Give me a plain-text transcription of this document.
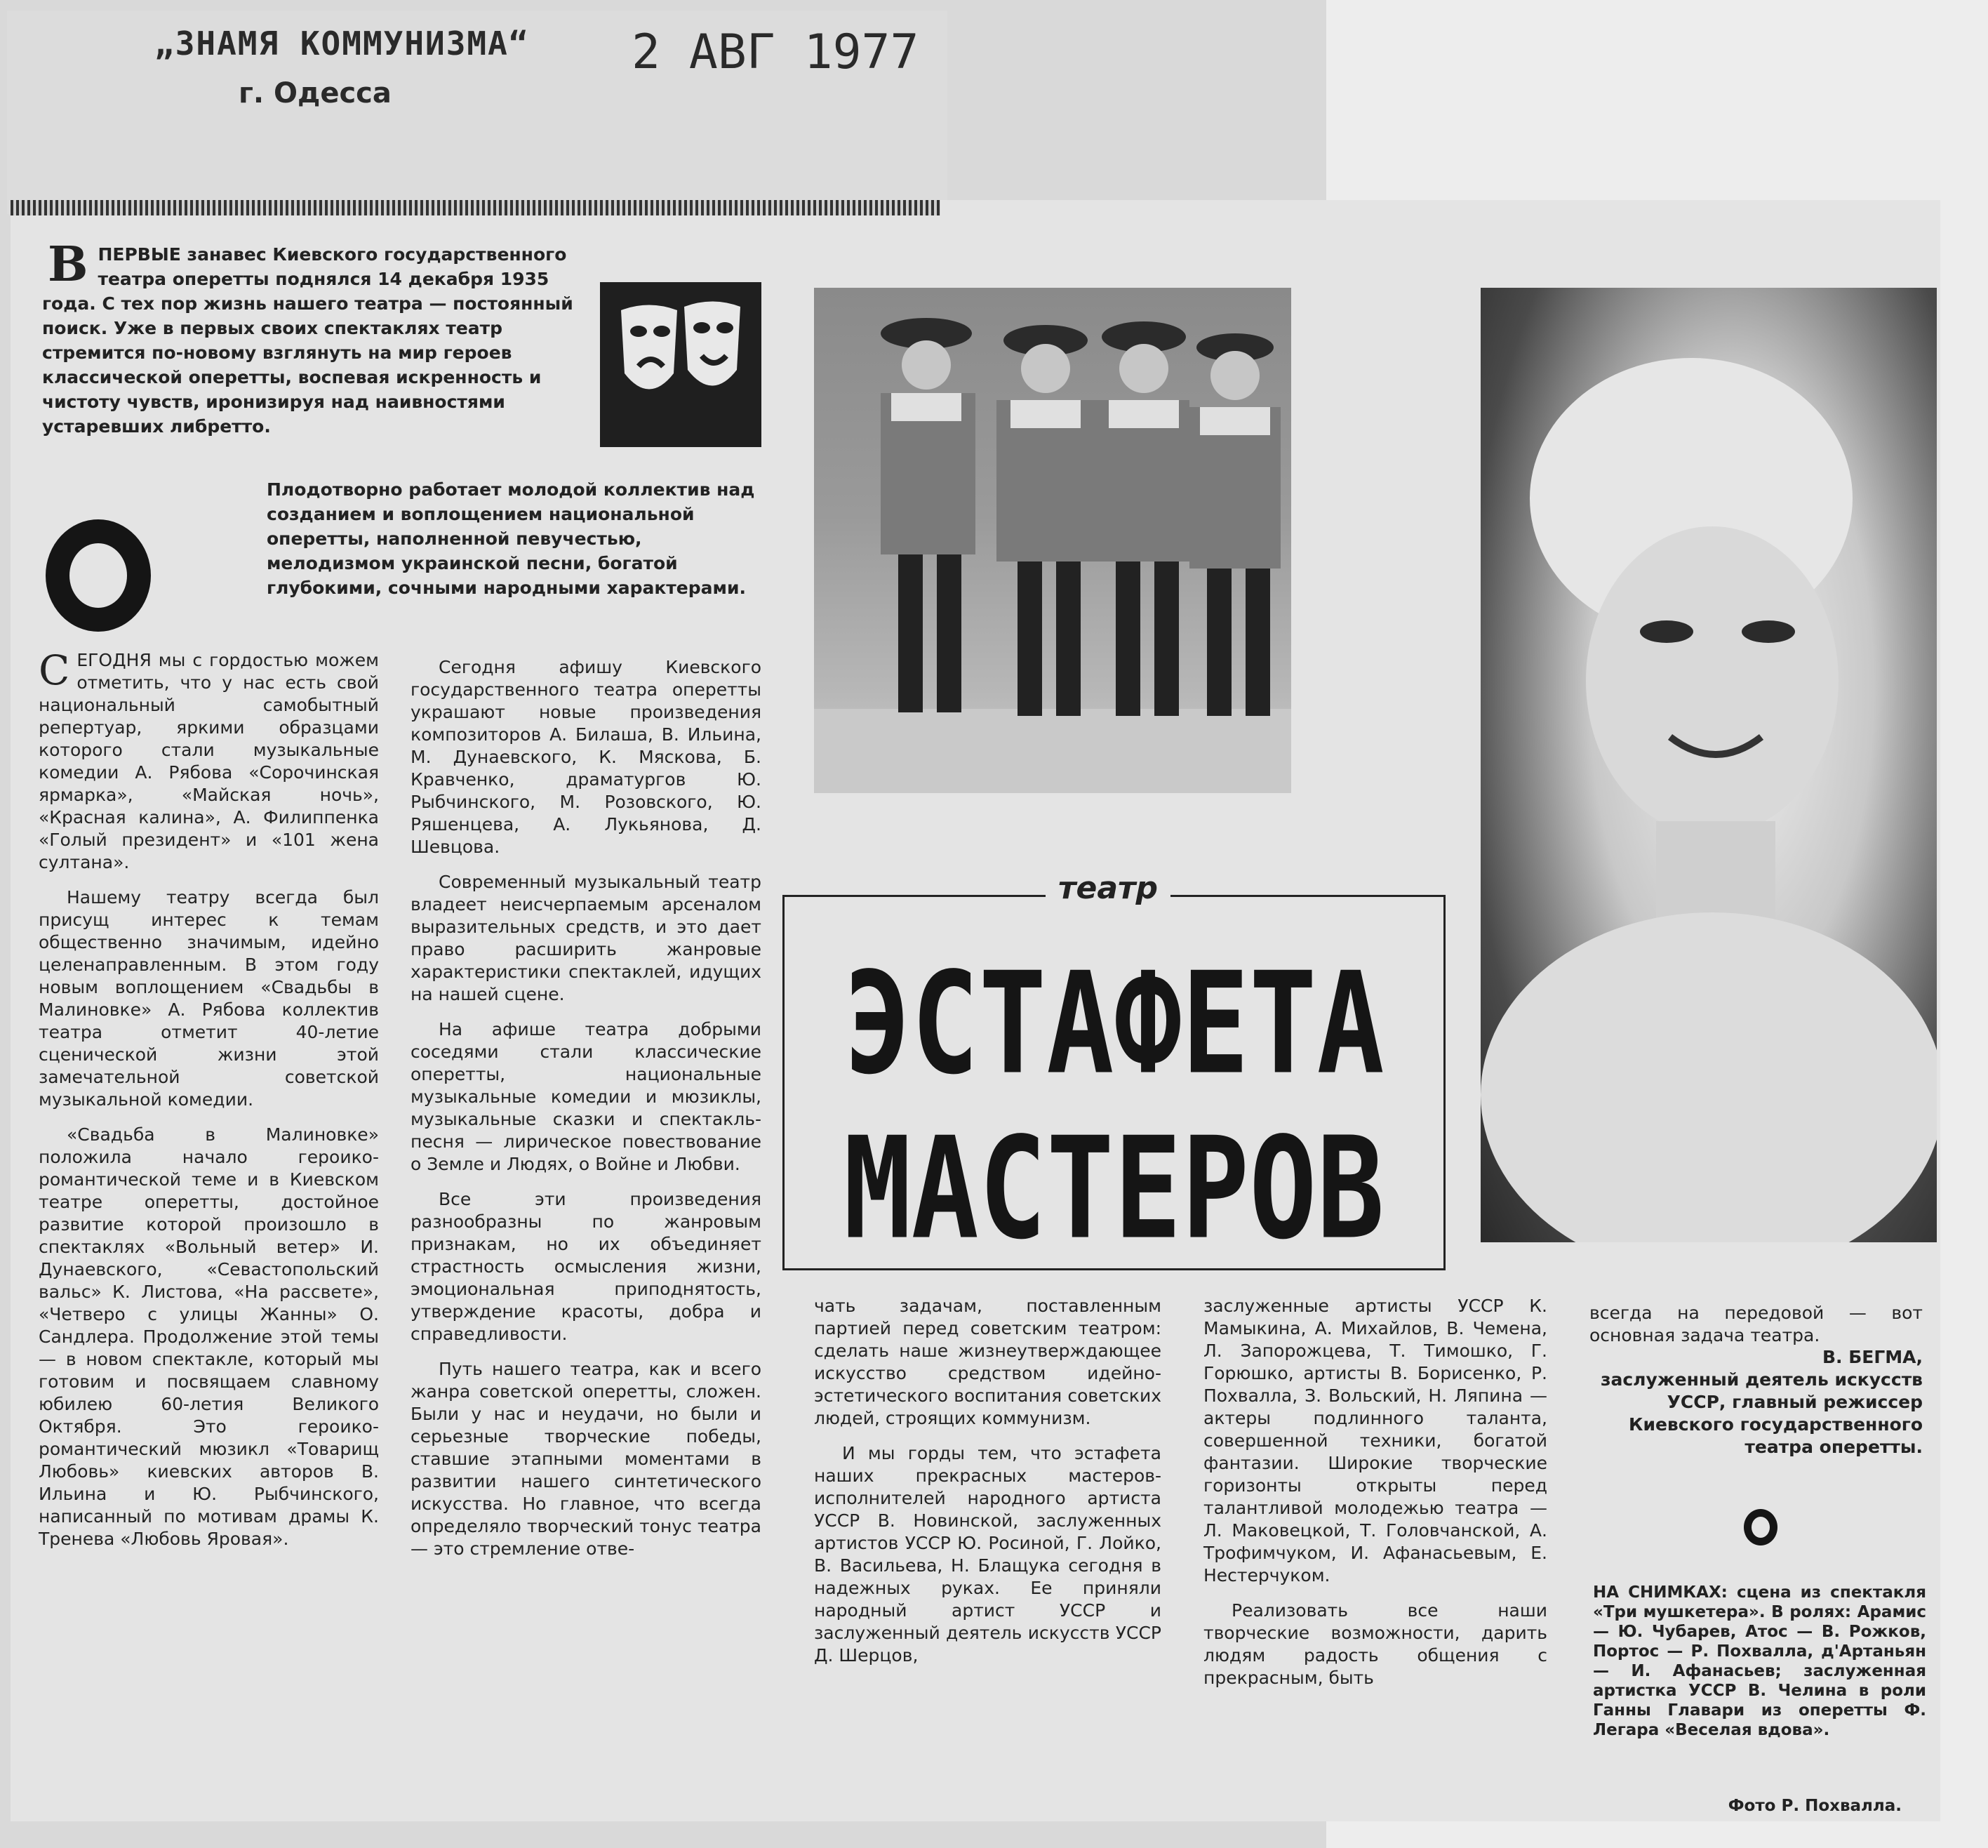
„ЗНАМЯ КОММУНИЗМА“
г. Одесса
2 АВГ 1977
В ПЕРВЫЕ занавес Киевского государственного театра оперетты поднялся 14 декабря 1935 года. С тех пор жизнь нашего театра — постоянный поиск. Уже в первых своих спектаклях театр стремится по-новому взглянуть на мир героев классической оперетты, воспевая искренность и чистоту чувств, иронизируя над наивностями устаревших либретто.
Плодотворно работает молодой коллектив над созданием и воплощением национальной оперетты, наполненной певучестью, мелодизмом украинской песни, богатой глубокими, сочными народными характерами.

СЕГОДНЯ мы с гордостью можем отметить, что у нас есть свой национальный самобытный репертуар, яркими образцами которого стали музыкальные комедии А. Рябова «Сорочинская ярмарка», «Майская ночь», «Красная калина», А. Филиппенка «Голый президент» и «101 жена султана».

Нашему театру всегда был присущ интерес к темам общественно значимым, идейно целенаправленным. В этом году новым воплощением «Свадьбы в Малиновке» А. Рябова коллектив театра отметит 40-летие сценической жизни этой замечательной советской музыкальной комедии.

«Свадьба в Малиновке» положила начало героико-романтической теме и в Киевском театре оперетты, достойное развитие которой произошло в спектаклях «Вольный ветер» И. Дунаевского, «Севастопольский вальс» К. Листова, «На рассвете», «Четверо с улицы Жанны» О. Сандлера. Продолжение этой темы — в новом спектакле, который мы готовим и посвящаем славному юбилею 60-летия Великого Октября. Это героико-романтический мюзикл «Товарищ Любовь» киевских авторов В. Ильина и Ю. Рыбчинского, написанный по мотивам драмы К. Тренева «Любовь Яровая».

Сегодня афишу Киевского государственного театра оперетты украшают новые произведения композиторов А. Билаша, В. Ильина, М. Дунаевского, К. Мяскова, Б. Кравченко, драматургов Ю. Рыбчинского, М. Розовского, Ю. Ряшенцева, А. Лукьянова, Д. Шевцова.

Современный музыкальный театр владеет неисчерпаемым арсеналом выразительных средств, и это дает право расширить жанровые характеристики спектаклей, идущих на нашей сцене.

На афише театра добрыми соседями стали классические оперетты, национальные музыкальные комедии и мюзиклы, музыкальные сказки и спектакль-песня — лирическое повествование о Земле и Людях, о Войне и Любви.

Все эти произведения разнообразны по жанровым признакам, но их объединяет страстность осмысления жизни, эмоциональная приподнятость, утверждение красоты, добра и справедливости.

Путь нашего театра, как и всего жанра советской оперетты, сложен. Были у нас и неудачи, но были и серьезные творческие победы, ставшие этапными моментами в развитии нашего синтетического искусства. Но главное, что всегда определяло творческий тонус театра — это стремление отве-

театр
ЭСТАФЕТА
МАСТЕРОВ

чать задачам, поставленным партией перед советским театром: сделать наше жизнеутверждающее искусство средством идейно-эстетического воспитания советских людей, строящих коммунизм.

И мы горды тем, что эстафета наших прекрасных мастеров-исполнителей народного артиста УССР В. Новинской, заслуженных артистов УССР Ю. Росиной, Г. Лойко, В. Васильева, Н. Блащука сегодня в надежных руках. Ее приняли народный артист УССР и заслуженный деятель искусств УССР Д. Шерцов,

заслуженные артисты УССР К. Мамыкина, А. Михайлов, В. Чемена, Л. Запорожцева, Т. Тимошко, Г. Горюшко, артисты В. Борисенко, Р. Похвалла, З. Вольский, Н. Ляпина —актеры подлинного таланта, совершенной техники, богатой фантазии. Широкие творческие горизонты открыты перед талантливой молодежью театра — Л. Маковецкой, Т. Головчанской, А. Трофимчуком, И. Афанасьевым, Е. Нестерчуком.

Реализовать все наши творческие возможности, дарить людям радость общения с прекрасным, быть

всегда на передовой — вот основная задача театра.

В. БЕГМА,
заслуженный деятель искусств УССР, главный режиссер Киевского государственного театра оперетты.
НА СНИМКАХ: сцена из спектакля «Три мушкетера». В ролях: Арамис — Ю. Чубарев, Атос — В. Рожков, Портос — Р. Похвалла, д'Артаньян — И. Афанасьев; заслуженная артистка УССР В. Челина в роли Ганны Главари из оперетты Ф. Легара «Веселая вдова».
Фото Р. Похвалла.
